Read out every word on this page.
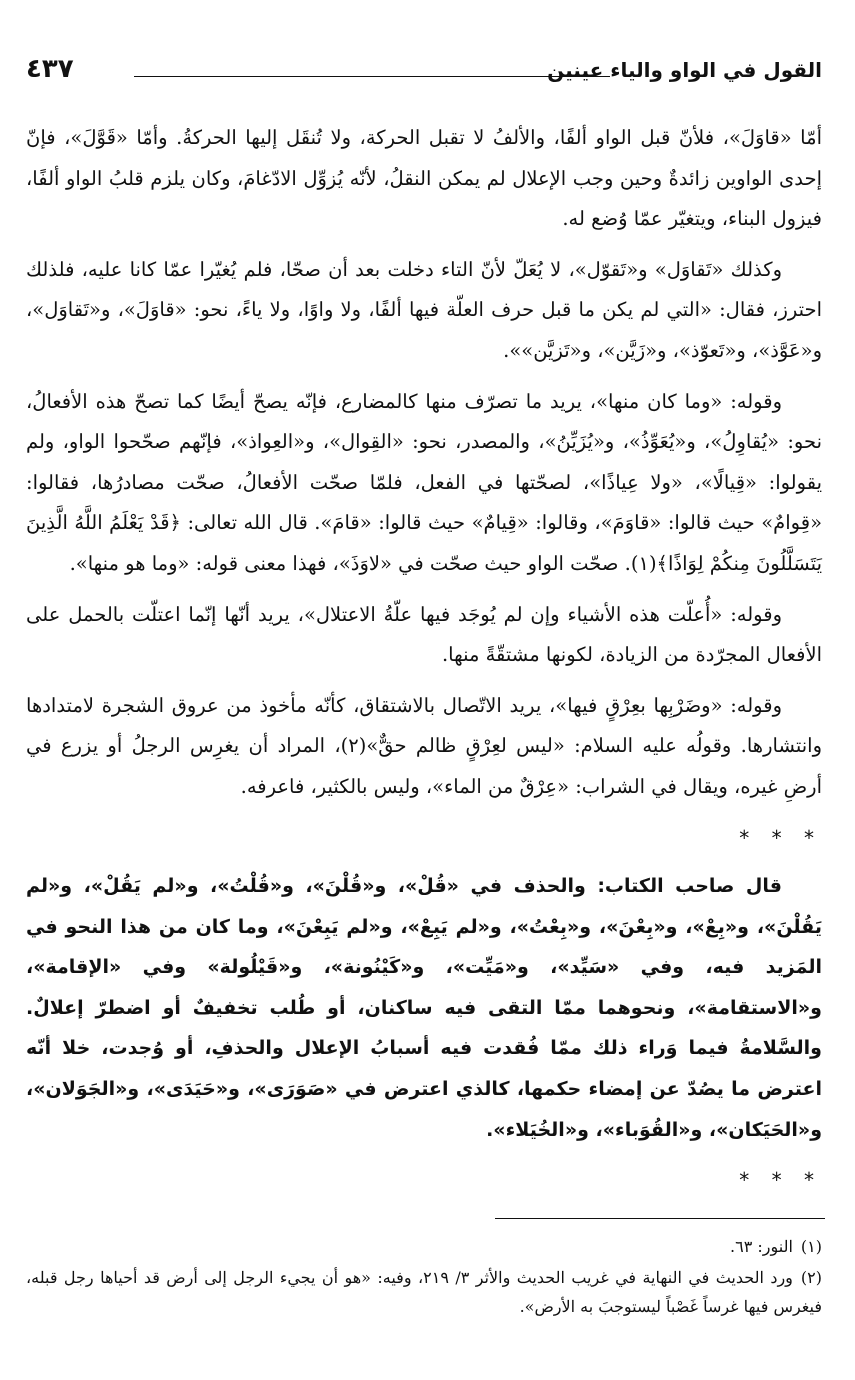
القول في الواو والياء عينين
٤٣٧

أمّا «قاوَلَ»، فلأنّ قبل الواو ألفًا، والألفُ لا تقبل الحركة، ولا تُنقَل إليها الحركةُ. وأمّا «قَوَّلَ»، فإنّ إحدى الواوين زائدةٌ وحين وجب الإعلال لم يمكن النقلُ، لأنّه يُزوِّل الادّغامَ، وكان يلزم قلبُ الواو ألفًا، فيزول البناء، ويتغيّر عمّا وُضع له.

وكذلك «تَقاوَل» و«تَقوّل»، لا يُعَلّ لأنّ التاء دخلت بعد أن صحّا، فلم يُغيّرا عمّا كانا عليه، فلذلك احترز، فقال: «التي لم يكن ما قبل حرف العلّة فيها ألفًا، ولا واوًا، ولا ياءً، نحو: «قاوَلَ»، و«تَقاوَل»، و«عَوَّذ»، و«تَعوّذ»، و«زَيَّن»، و«تَزيَّن»».

وقوله: «وما كان منها»، يريد ما تصرّف منها كالمضارع، فإنّه يصحّ أيضًا كما تصحّ هذه الأفعالُ، نحو: «يُقاوِلُ»، و«يُعَوِّذُ»، و«يُزَيِّنُ»، والمصدر، نحو: «القِوال»، و«العِواذ»، فإنّهم صحّحوا الواو، ولم يقولوا: «قِيالًا»، «ولا عِياذًا»، لصحّتها في الفعل، فلمّا صحّت الأفعالُ، صحّت مصادرُها، فقالوا: «قِوامٌ» حيث قالوا: «قاوَمَ»، وقالوا: «قِيامٌ» حيث قالوا: «قامَ». قال الله تعالى: ﴿قَدْ يَعْلَمُ اللَّهُ الَّذِينَ يَتَسَلَّلُونَ مِنكُمْ لِوَاذًا﴾(١). صحّت الواو حيث صحّت في «لاوَذَ»، فهذا معنى قوله: «وما هو منها».

وقوله: «أُعلّت هذه الأشياء وإن لم يُوجَد فيها علّةُ الاعتلال»، يريد أنّها إنّما اعتلّت بالحمل على الأفعال المجرّدة من الزيادة، لكونها مشتقّةً منها.

وقوله: «وضَرْبِها بعِرْقٍ فيها»، يريد الاتّصال بالاشتقاق، كأنّه مأخوذ من عروق الشجرة لامتدادها وانتشارها. وقولُه عليه السلام: «ليس لعِرْقٍ ظالم حقٌّ»(٢)، المراد أن يغرِس الرجلُ أو يزرع في أرضِ غيره، ويقال في الشراب: «عِرْقٌ من الماء»، وليس بالكثير، فاعرفه.

* * *

قال صاحب الكتاب: والحذف في «قُلْ»، و«قُلْنَ»، و«قُلْتُ»، و«لم يَقُلْ»، و«لم يَقُلْنَ»، و«بِعْ»، و«بِعْنَ»، و«بِعْتُ»، و«لم يَبِعْ»، و«لم يَبِعْنَ»، وما كان من هذا النحو في المَزيد فيه، وفي «سَيِّد»، و«مَيِّت»، و«كَيْنُونة»، و«قَيْلُولة» وفي «الإقامة»، و«الاستقامة»، ونحوهما ممّا التقى فيه ساكنان، أو طُلب تخفيفٌ أو اضطرّ إعلالٌ. والسَّلامةُ فيما وَراء ذلك ممّا فُقدت فيه أسبابُ الإعلال والحذفِ، أو وُجدت، خلا أنّه اعترض ما يصُدّ عن إمضاء حكمها، كالذي اعترض في «صَوَرَى»، و«حَيَدَى»، و«الجَوَلان»، و«الحَيَكان»، و«القُوَباء»، و«الخُيَلاء».

* * *

(١)النور: ٦٣.

(٢)ورد الحديث في النهاية في غريب الحديث والأثر ٣/ ٢١٩، وفيه: «هو أن يجيء الرجل إلى أرض قد أحياها رجل قبله، فيغرس فيها غرساً غَصْباً ليستوجبَ به الأرض».
